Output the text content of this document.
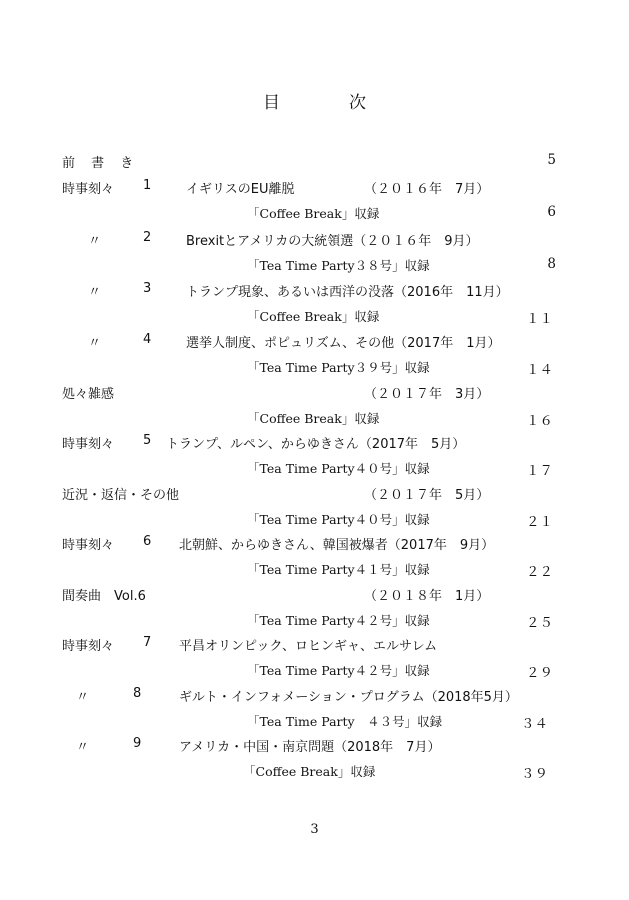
目　次
前 書 き	5
時事刻々 1	イギリスのEU離脱	（２０１６年　7月）
「Coffee Break」収録	6
〃	2	Brexitとアメリカの大統領選（２０１６年　9月）
「Tea Time Party３８号」収録	8
〃	3	トランプ現象、あるいは西洋の没落（2016年　11月）
「Coffee Break」収録	１１
〃	4	選挙人制度、ポピュリズム、その他（2017年　1月）
「Tea Time Party３９号」収録	１４
処々雑感	（２０１７年　3月）
「Coffee Break」収録	１６
時事刻々 5 トランプ、ルペン、からゆきさん（2017年　5月）
「Tea Time Party４０号」収録	１７
近況・返信・その他	（２０１７年　5月）
「Tea Time Party４０号」収録	２１
時事刻々 6 北朝鮮、からゆきさん、韓国被爆者（2017年　9月）
「Tea Time Party４１号」収録	２２
間奏曲　Vol.6	（２０１８年　1月）
「Tea Time Party４２号」収録	２５
時事刻々 7 平昌オリンピック、ロヒンギャ、エルサレム
「Tea Time Party４２号」収録	２９
〃	8	ギルト・インフォメーション・プログラム（2018年5月）
「Tea Time Party　４３号」収録	３４
〃	9	アメリカ・中国・南京問題（2018年　7月）
「Coffee Break」収録	３９
3
